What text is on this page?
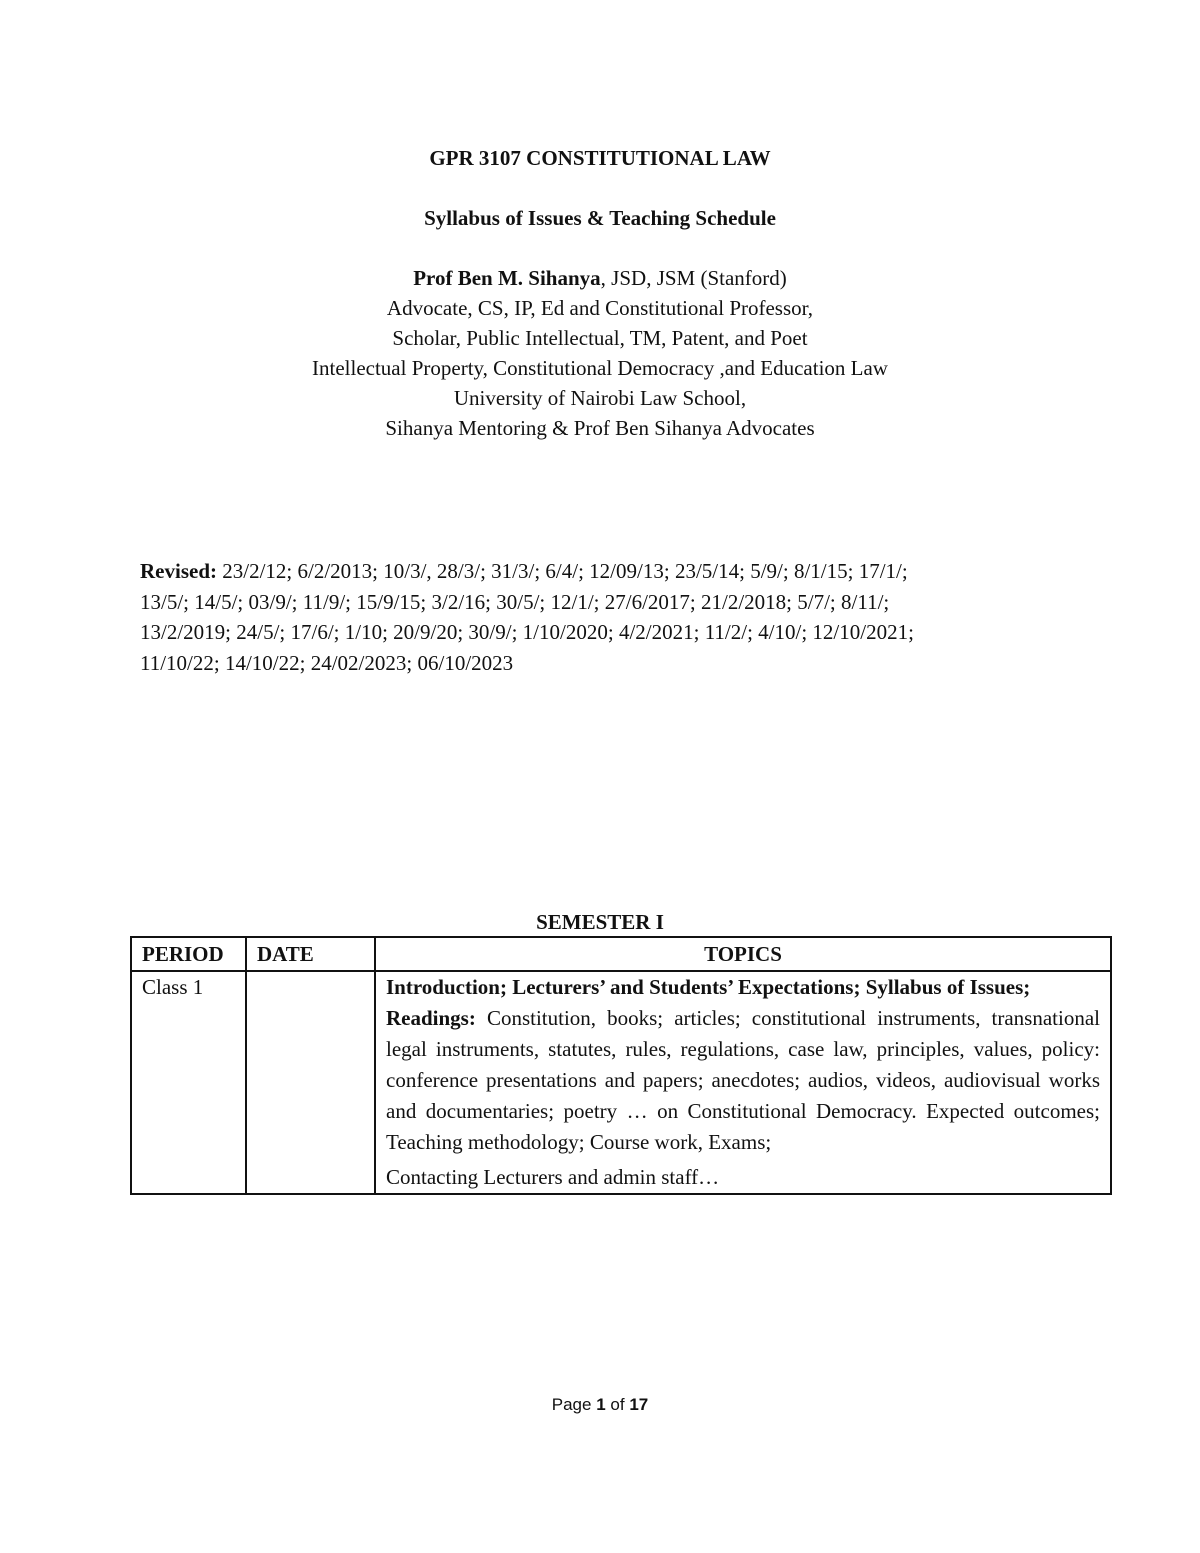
GPR 3107 CONSTITUTIONAL LAW
Syllabus of Issues & Teaching Schedule
Prof Ben M. Sihanya, JSD, JSM (Stanford)
Advocate, CS, IP, Ed and Constitutional Professor,
Scholar, Public Intellectual, TM, Patent, and Poet
Intellectual Property, Constitutional Democracy ,and Education Law
University of Nairobi Law School,
Sihanya Mentoring & Prof Ben Sihanya Advocates
Revised: 23/2/12; 6/2/2013; 10/3/, 28/3/; 31/3/; 6/4/; 12/09/13; 23/5/14; 5/9/; 8/1/15; 17/1/;
13/5/; 14/5/; 03/9/; 11/9/; 15/9/15; 3/2/16; 30/5/; 12/1/; 27/6/2017; 21/2/2018; 5/7/; 8/11/;
13/2/2019; 24/5/; 17/6/; 1/10; 20/9/20; 30/9/; 1/10/2020; 4/2/2021; 11/2/; 4/10/; 12/10/2021;
11/10/22; 14/10/22; 24/02/2023; 06/10/2023
SEMESTER I
PERIOD	DATE	TOPICS
Class 1		Introduction; Lecturers’ and Students’ Expectations; Syllabus of Issues;
Readings: Constitution, books; articles; constitutional instruments, transnational legal instruments, statutes, rules, regulations, case law, principles, values, policy: conference presentations and papers; anecdotes; audios, videos, audiovisual works and documentaries; poetry … on Constitutional Democracy. Expected outcomes; Teaching methodology; Course work, Exams;
Contacting Lecturers and admin staff…
Page 1 of 17
